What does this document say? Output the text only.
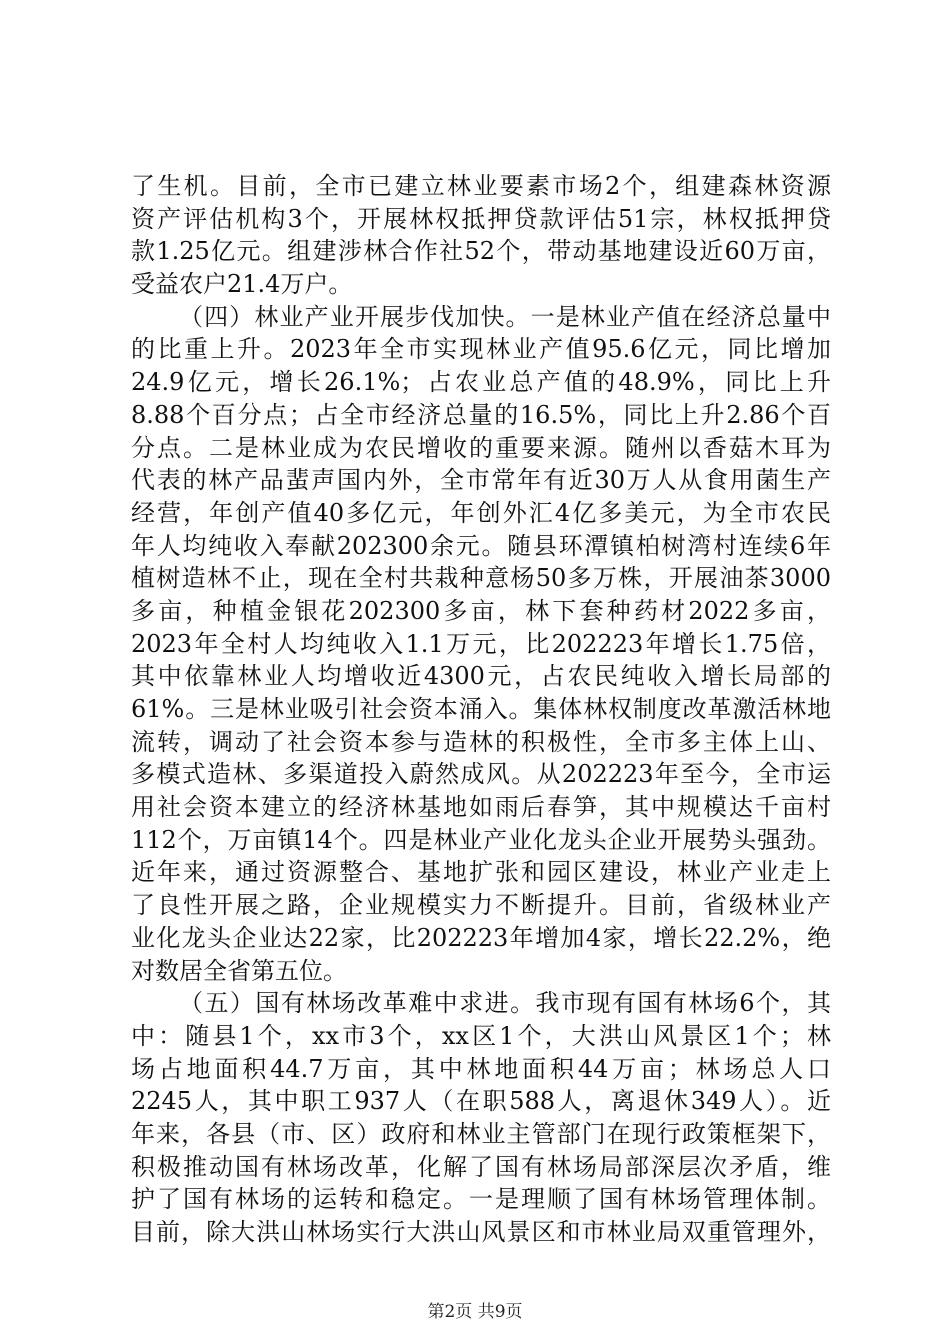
了生机。目前，全市已建立林业要素市场2个，组建森林资源
资产评估机构3个，开展林权抵押贷款评估51宗，林权抵押贷
款1.25亿元。组建涉林合作社52个，带动基地建设近60万亩，
受益农户21.4万户。
（四）林业产业开展步伐加快。一是林业产值在经济总量中
的比重上升。2023年全市实现林业产值95.6亿元，同比增加
24.9亿元，增长26.1%；占农业总产值的48.9%，同比上升
8.88个百分点；占全市经济总量的16.5%，同比上升2.86个百
分点。二是林业成为农民增收的重要来源。随州以香菇木耳为
代表的林产品蜚声国内外，全市常年有近30万人从食用菌生产
经营，年创产值40多亿元，年创外汇4亿多美元，为全市农民
年人均纯收入奉献202300余元。随县环潭镇柏树湾村连续6年
植树造林不止，现在全村共栽种意杨50多万株，开展油茶3000
多亩，种植金银花202300多亩，林下套种药材2022多亩，
2023年全村人均纯收入1.1万元，比202223年增长1.75倍，
其中依靠林业人均增收近4300元，占农民纯收入增长局部的
61%。三是林业吸引社会资本涌入。集体林权制度改革激活林地
流转，调动了社会资本参与造林的积极性，全市多主体上山、
多模式造林、多渠道投入蔚然成风。从202223年至今，全市运
用社会资本建立的经济林基地如雨后春笋，其中规模达千亩村
112个，万亩镇14个。四是林业产业化龙头企业开展势头强劲。
近年来，通过资源整合、基地扩张和园区建设，林业产业走上
了良性开展之路，企业规模实力不断提升。目前，省级林业产
业化龙头企业达22家，比202223年增加4家，增长22.2%，绝
对数居全省第五位。
（五）国有林场改革难中求进。我市现有国有林场6个，其
中：随县1个，xx市3个，xx区1个，大洪山风景区1个；林
场占地面积44.7万亩，其中林地面积44万亩；林场总人口
2245人，其中职工937人（在职588人，离退休349人）。近
年来，各县（市、区）政府和林业主管部门在现行政策框架下，
积极推动国有林场改革，化解了国有林场局部深层次矛盾，维
护了国有林场的运转和稳定。一是理顺了国有林场管理体制。
目前，除大洪山林场实行大洪山风景区和市林业局双重管理外，
第2页 共9页
